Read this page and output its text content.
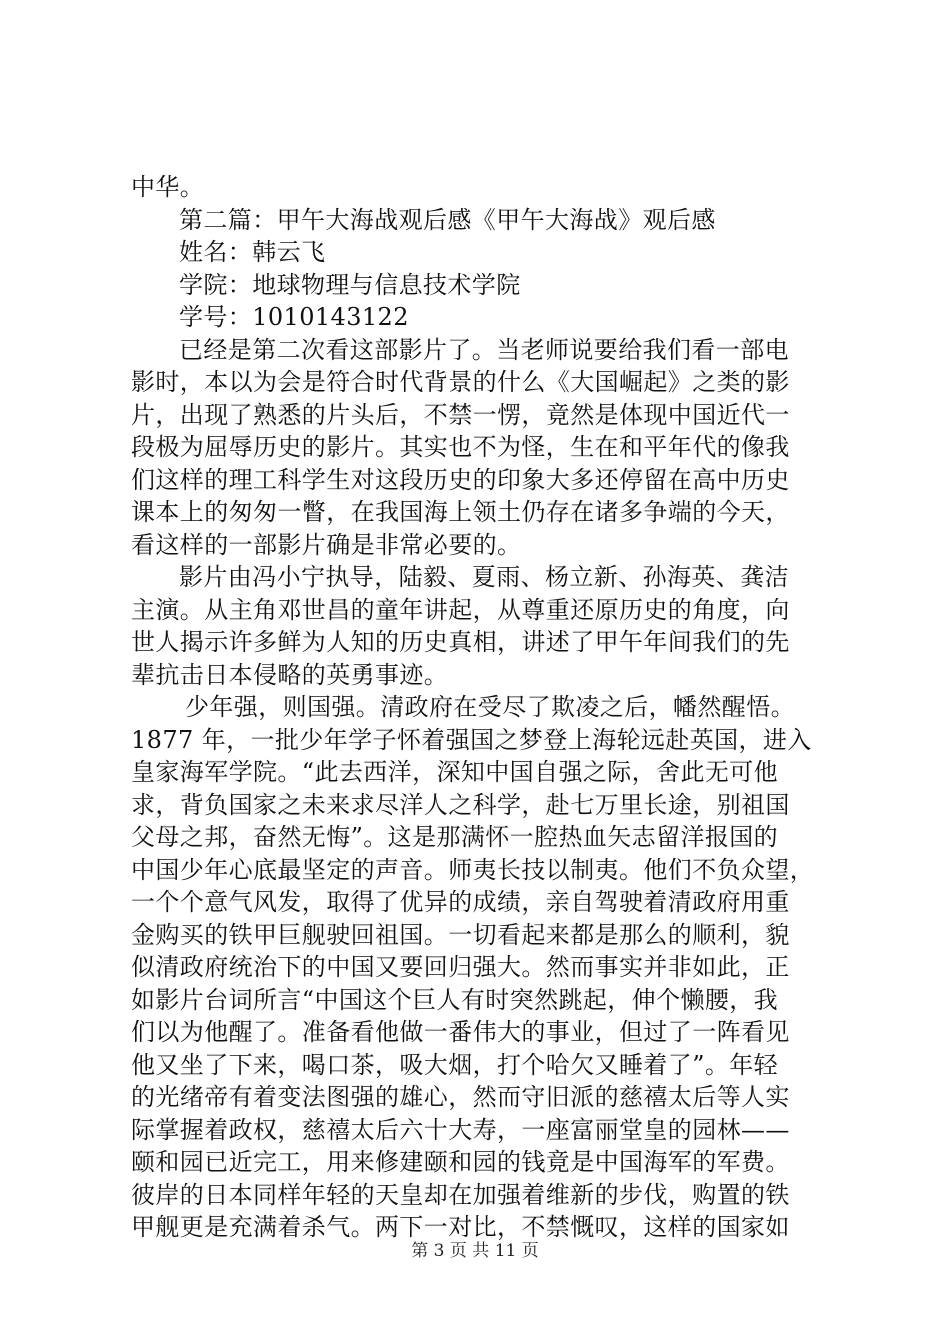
中华。
第二篇：甲午大海战观后感《甲午大海战》观后感
姓名：韩云飞
学院：地球物理与信息技术学院
学号：1010143122
已经是第二次看这部影片了。当老师说要给我们看一部电
影时，本以为会是符合时代背景的什么《大国崛起》之类的影
片，出现了熟悉的片头后，不禁一愣，竟然是体现中国近代一
段极为屈辱历史的影片。其实也不为怪，生在和平年代的像我
们这样的理工科学生对这段历史的印象大多还停留在高中历史
课本上的匆匆一瞥，在我国海上领土仍存在诸多争端的今天，
看这样的一部影片确是非常必要的。
影片由冯小宁执导，陆毅、夏雨、杨立新、孙海英、龚洁
主演。从主角邓世昌的童年讲起，从尊重还原历史的角度，向
世人揭示许多鲜为人知的历史真相，讲述了甲午年间我们的先
辈抗击日本侵略的英勇事迹。
少年强，则国强。清政府在受尽了欺凌之后，幡然醒悟。
1877 年，一批少年学子怀着强国之梦登上海轮远赴英国，进入
皇家海军学院。“此去西洋，深知中国自强之际，舍此无可他
求，背负国家之未来求尽洋人之科学，赴七万里长途，别祖国
父母之邦，奋然无悔”。这是那满怀一腔热血矢志留洋报国的
中国少年心底最坚定的声音。师夷长技以制夷。他们不负众望，
一个个意气风发，取得了优异的成绩，亲自驾驶着清政府用重
金购买的铁甲巨舰驶回祖国。一切看起来都是那么的顺利，貌
似清政府统治下的中国又要回归强大。然而事实并非如此，正
如影片台词所言“中国这个巨人有时突然跳起，伸个懒腰，我
们以为他醒了。准备看他做一番伟大的事业，但过了一阵看见
他又坐了下来，喝口茶，吸大烟，打个哈欠又睡着了”。年轻
的光绪帝有着变法图强的雄心，然而守旧派的慈禧太后等人实
际掌握着政权，慈禧太后六十大寿，一座富丽堂皇的园林——
颐和园已近完工，用来修建颐和园的钱竟是中国海军的军费。
彼岸的日本同样年轻的天皇却在加强着维新的步伐，购置的铁
甲舰更是充满着杀气。两下一对比，不禁慨叹，这样的国家如
第 3 页 共 11 页
